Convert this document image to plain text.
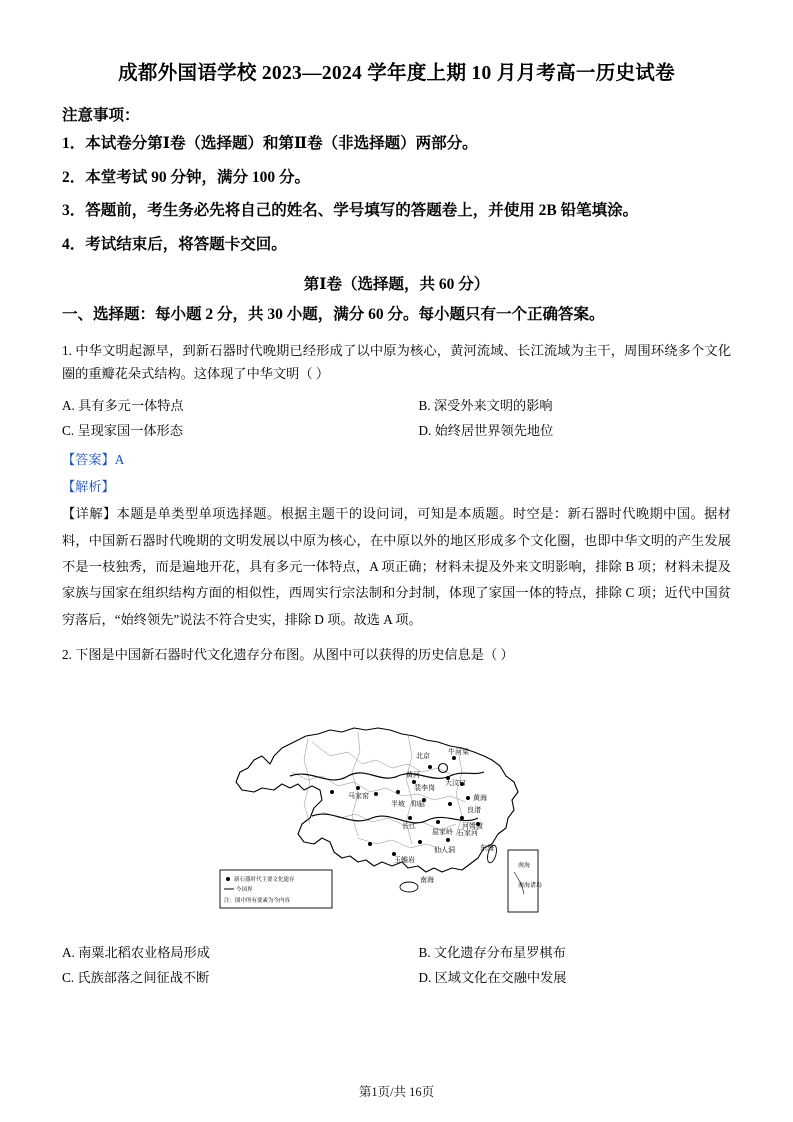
成都外国语学校 2023—2024 学年度上期 10 月月考高一历史试卷
注意事项：
1．本试卷分第Ⅰ卷（选择题）和第Ⅱ卷（非选择题）两部分。
2．本堂考试 90 分钟，满分 100 分。
3．答题前，考生务必先将自己的姓名、学号填写的答题卷上，并使用 2B 铅笔填涂。
4．考试结束后，将答题卡交回。
第Ⅰ卷（选择题，共 60 分）
一、选择题：每小题 2 分，共 30 小题，满分 60 分。每小题只有一个正确答案。
1. 中华文明起源早，到新石器时代晚期已经形成了以中原为核心，黄河流域、长江流域为主干，周围环绕多个文化圈的重瓣花朵式结构。这体现了中华文明（ ）
A. 具有多元一体特点	B. 深受外来文明的影响
C. 呈现家国一体形态	D. 始终居世界领先地位
【答案】A
【解析】
【详解】本题是单类型单项选择题。根据主题干的设问词，可知是本质题。时空是：新石器时代晚期中国。据材料，中国新石器时代晚期的文明发展以中原为核心，在中原以外的地区形成多个文化圈，也即中华文明的产生发展不是一枝独秀，而是遍地开花，具有多元一体特点，A 项正确；材料未提及外来文明影响，排除 B 项；材料未提及家族与国家在组织结构方面的相似性，西周实行宗法制和分封制，体现了家国一体的特点，排除 C 项；近代中国贫穷落后，“始终领先”说法不符合史实，排除 D 项。故选 A 项。
2. 下图是中国新石器时代文化遗存分布图。从图中可以获得的历史信息是（ ）
北京
牛河梁
裴李岗
大汶口
半坡 仰韶
马家窑
黄河
长江	河姆渡
良渚
屈家岭 石家河
玉蟾岩
仙人洞	东海
黄海
南海
南海
南海诸岛
新石器时代主要文化遗存
今国界
注：图中所有要素为今内容
A. 南粟北稻农业格局形成	B. 文化遗存分布星罗棋布
C. 氏族部落之间征战不断	D. 区域文化在交融中发展
第1页/共 16页
